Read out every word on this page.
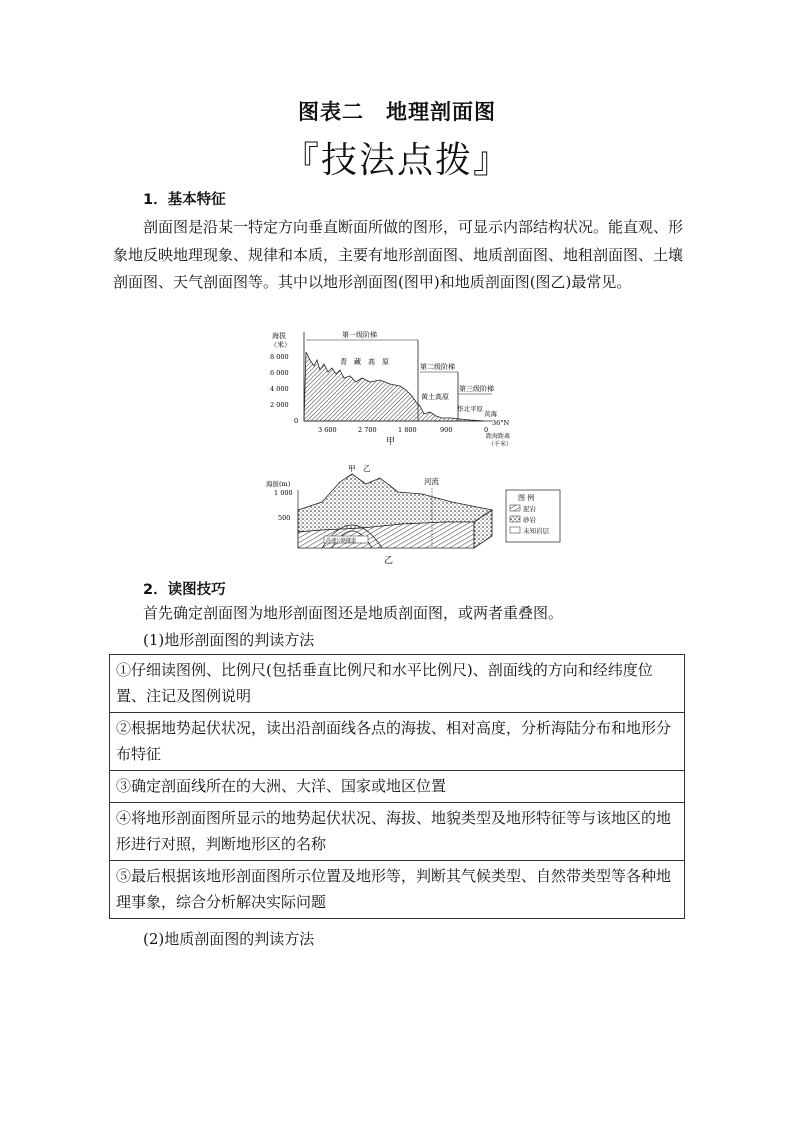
图表二　地理剖面图
『技法点拨』
1．基本特征
剖面图是沿某一特定方向垂直断面所做的图形，可显示内部结构状况。能直观、形象地反映地理现象、规律和本质，主要有地形剖面图、地质剖面图、地租剖面图、土壤剖面图、天气剖面图等。其中以地形剖面图(图甲)和地质剖面图(图乙)最常见。
海拔
（米）
8 000
6 000
4 000
2 000
0
第一级阶梯
第二级阶梯
第三级阶梯
青　藏　高　原
黄土高原
华北平原
黄海
36°N
3 600	2 700	1 800	900	0
距海距离
（千米）
甲
甲　乙
河流
海拔(m)
1 000
500
高速公路隧道
图 例
泥岩
砂岩
未知岩层
乙
2．读图技巧
首先确定剖面图为地形剖面图还是地质剖面图，或两者重叠图。
(1)地形剖面图的判读方法
①仔细读图例、比例尺(包括垂直比例尺和水平比例尺)、剖面线的方向和经纬度位置、注记及图例说明
②根据地势起伏状况，读出沿剖面线各点的海拔、相对高度，分析海陆分布和地形分布特征
③确定剖面线所在的大洲、大洋、国家或地区位置
④将地形剖面图所显示的地势起伏状况、海拔、地貌类型及地形特征等与该地区的地形进行对照，判断地形区的名称
⑤最后根据该地形剖面图所示位置及地形等，判断其气候类型、自然带类型等各种地理事象，综合分析解决实际问题
(2)地质剖面图的判读方法
